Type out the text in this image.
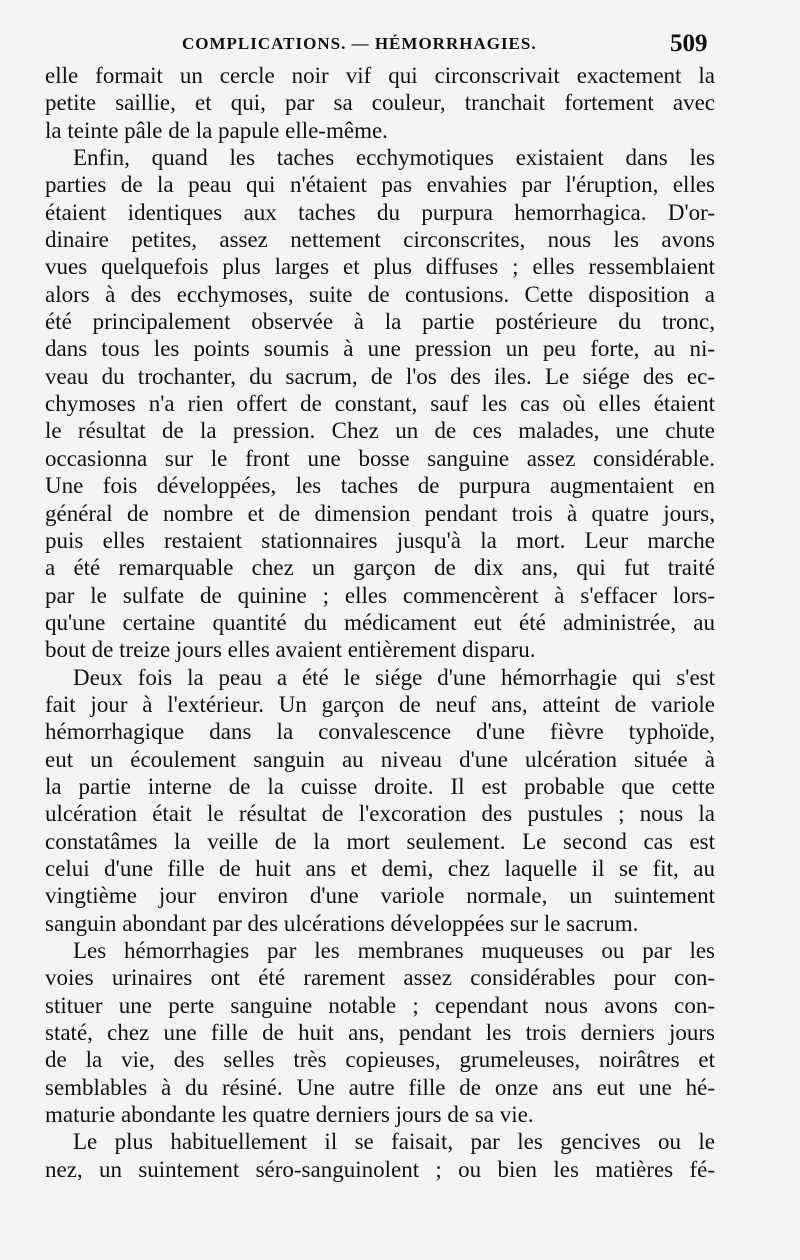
COMPLICATIONS. — HÉMORRHAGIES.	509
elle formait un cercle noir vif qui circonscrivait exactement la
petite saillie, et qui, par sa couleur, tranchait fortement avec
la teinte pâle de la papule elle-même.
Enfin, quand les taches ecchymotiques existaient dans les
parties de la peau qui n'étaient pas envahies par l'éruption, elles
étaient identiques aux taches du purpura hemorrhagica. D'or-
dinaire petites, assez nettement circonscrites, nous les avons
vues quelquefois plus larges et plus diffuses ; elles ressemblaient
alors à des ecchymoses, suite de contusions. Cette disposition a
été principalement observée à la partie postérieure du tronc,
dans tous les points soumis à une pression un peu forte, au ni-
veau du trochanter, du sacrum, de l'os des iles. Le siége des ec-
chymoses n'a rien offert de constant, sauf les cas où elles étaient
le résultat de la pression. Chez un de ces malades, une chute
occasionna sur le front une bosse sanguine assez considérable.
Une fois développées, les taches de purpura augmentaient en
général de nombre et de dimension pendant trois à quatre jours,
puis elles restaient stationnaires jusqu'à la mort. Leur marche
a été remarquable chez un garçon de dix ans, qui fut traité
par le sulfate de quinine ; elles commencèrent à s'effacer lors-
qu'une certaine quantité du médicament eut été administrée, au
bout de treize jours elles avaient entièrement disparu.
Deux fois la peau a été le siége d'une hémorrhagie qui s'est
fait jour à l'extérieur. Un garçon de neuf ans, atteint de variole
hémorrhagique dans la convalescence d'une fièvre typhoïde,
eut un écoulement sanguin au niveau d'une ulcération située à
la partie interne de la cuisse droite. Il est probable que cette
ulcération était le résultat de l'excoration des pustules ; nous la
constatâmes la veille de la mort seulement. Le second cas est
celui d'une fille de huit ans et demi, chez laquelle il se fit, au
vingtième jour environ d'une variole normale, un suintement
sanguin abondant par des ulcérations développées sur le sacrum.
Les hémorrhagies par les membranes muqueuses ou par les
voies urinaires ont été rarement assez considérables pour con-
stituer une perte sanguine notable ; cependant nous avons con-
staté, chez une fille de huit ans, pendant les trois derniers jours
de la vie, des selles très copieuses, grumeleuses, noirâtres et
semblables à du résiné. Une autre fille de onze ans eut une hé-
maturie abondante les quatre derniers jours de sa vie.
Le plus habituellement il se faisait, par les gencives ou le
nez, un suintement séro-sanguinolent ; ou bien les matières fé-
